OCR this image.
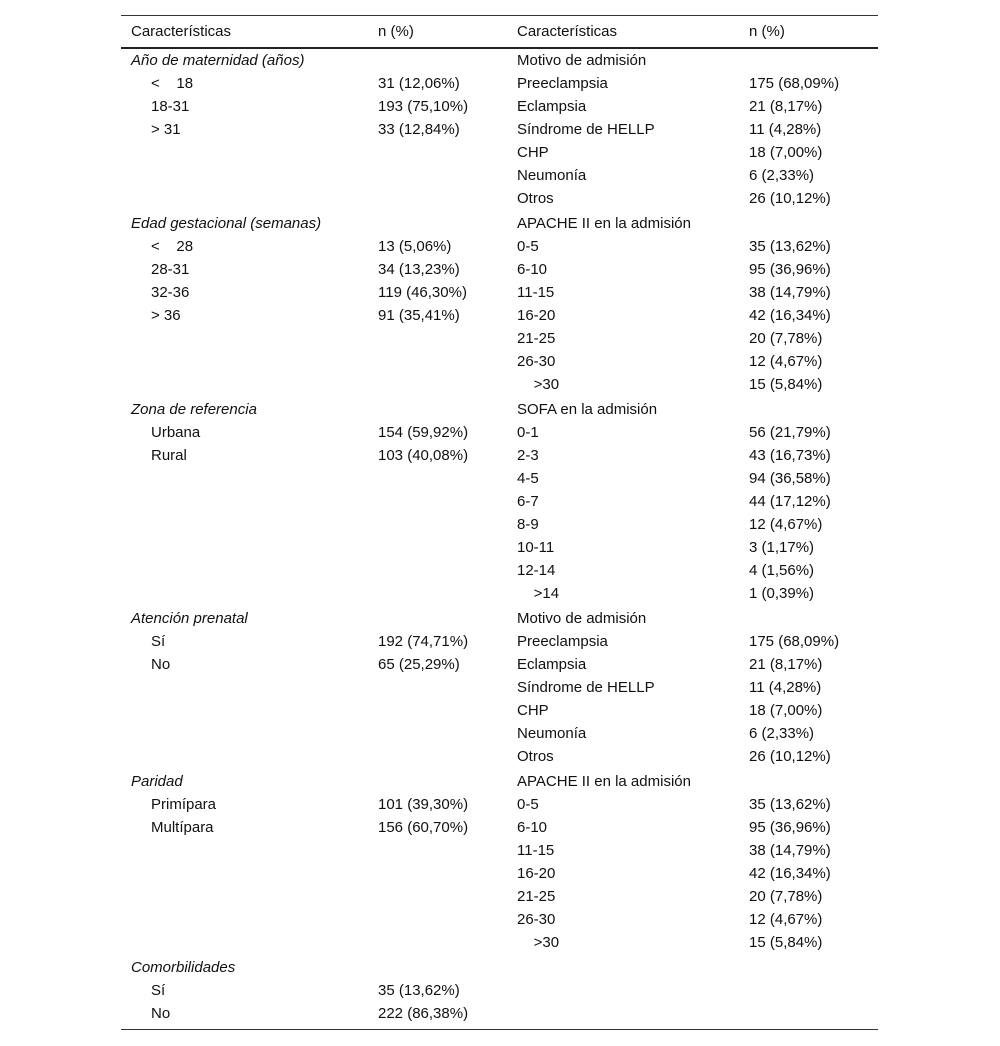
Características	n (%)	Características	n (%)
Año de maternidad (años)		Motivo de admisión	
<    18	31 (12,06%)	Preeclampsia	175 (68,09%)
18-31	193 (75,10%)	Eclampsia	21 (8,17%)
> 31	33 (12,84%)	Síndrome de HELLP	11 (4,28%)
		CHP	18 (7,00%)
		Neumonía	6 (2,33%)
		Otros	26 (10,12%)

Edad gestacional (semanas)		APACHE II en la admisión	
<    28	13 (5,06%)	0-5	35 (13,62%)
28-31	34 (13,23%)	6-10	95 (36,96%)
32-36	119 (46,30%)	11-15	38 (14,79%)
> 36	91 (35,41%)	16-20	42 (16,34%)
		21-25	20 (7,78%)
		26-30	12 (4,67%)
		>30	15 (5,84%)

Zona de referencia		SOFA en la admisión	
Urbana	154 (59,92%)	0-1	56 (21,79%)
Rural	103 (40,08%)	2-3	43 (16,73%)
		4-5	94 (36,58%)
		6-7	44 (17,12%)
		8-9	12 (4,67%)
		10-11	3 (1,17%)
		12-14	4 (1,56%)
		>14	1 (0,39%)

Atención prenatal		Motivo de admisión	
Sí	192 (74,71%)	Preeclampsia	175 (68,09%)
No	65 (25,29%)	Eclampsia	21 (8,17%)
		Síndrome de HELLP	11 (4,28%)
		CHP	18 (7,00%)
		Neumonía	6 (2,33%)
		Otros	26 (10,12%)

Paridad		APACHE II en la admisión	
Primípara	101 (39,30%)	0-5	35 (13,62%)
Multípara	156 (60,70%)	6-10	95 (36,96%)
		11-15	38 (14,79%)
		16-20	42 (16,34%)
		21-25	20 (7,78%)
		26-30	12 (4,67%)
		>30	15 (5,84%)

Comorbilidades			
Sí	35 (13,62%)		
No	222 (86,38%)		
